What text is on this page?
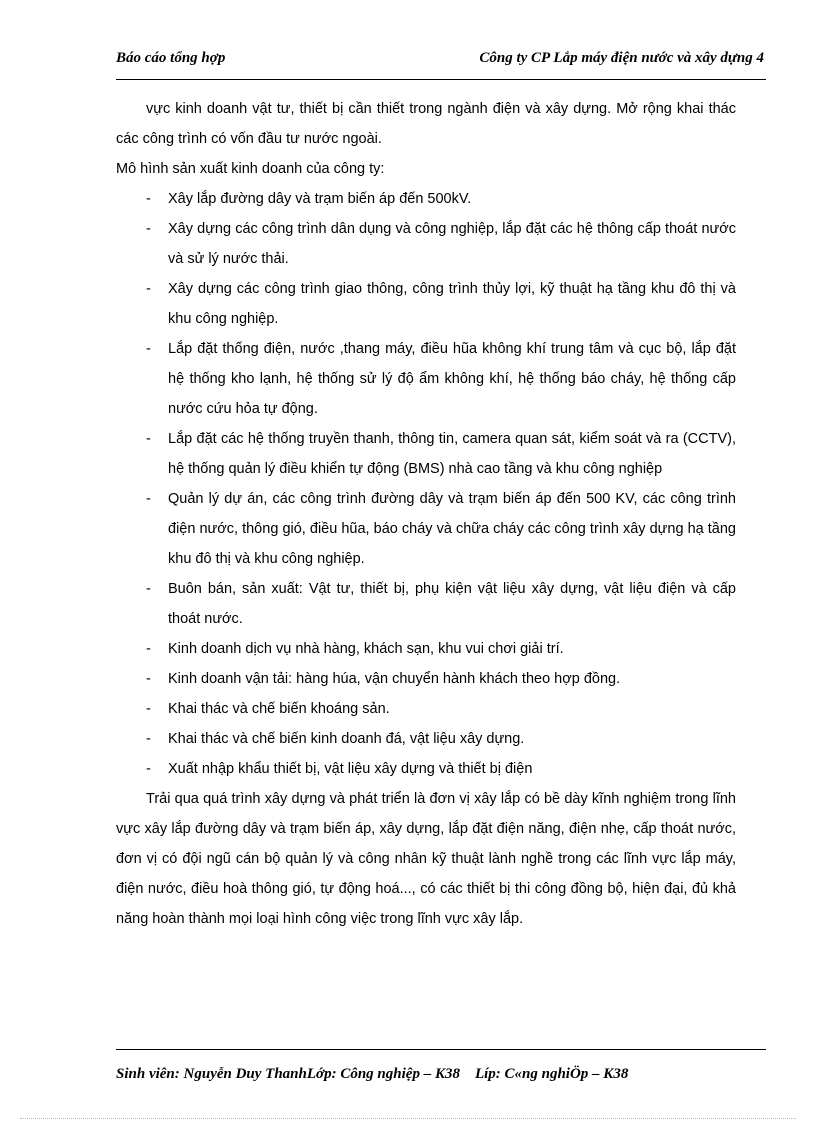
Báo cáo tổng hợp	Công ty CP Lắp máy điện nước và xây dựng 4

vực kinh doanh vật tư, thiết bị cần thiết trong ngành điện và xây dựng. Mở rộng khai thác các công trình có vốn đầu tư nước ngoài.

Mô hình sản xuất kinh doanh của công ty:

- Xây lắp đường dây và trạm biến áp đến 500kV.
- Xây dựng các công trình dân dụng và công nghiệp, lắp đặt các hệ thông cấp thoát nước và sử lý nước thải.
- Xây dựng các công trình giao thông, công trình thủy lợi, kỹ thuật hạ tầng khu đô thị và khu công nghiệp.
- Lắp đặt thống điện, nước ,thang máy, điều hũa không khí trung tâm và cục bộ, lắp đặt hệ thống kho lạnh, hệ thống sử lý độ ẩm không khí, hệ thống báo cháy, hệ thống cấp nước cứu hỏa tự động.
- Lắp đặt các hệ thống truyền thanh, thông tin, camera quan sát, kiểm soát và ra (CCTV), hệ thống quản lý điều khiển tự động (BMS) nhà cao tầng và khu công nghiệp
- Quản lý dự án, các công trình đường dây và trạm biến áp đến 500 KV, các công trình điện nước, thông gió, điều hũa, báo cháy và chữa cháy các công trình xây dựng hạ tầng khu đô thị và khu công nghiệp.
- Buôn bán, sản xuất: Vật tư, thiết bị, phụ kiện vật liệu xây dựng, vật liệu điện và cấp thoát nước.
- Kinh doanh dịch vụ nhà hàng, khách sạn, khu vui chơi giải trí.
- Kinh doanh vận tải: hàng húa, vận chuyển hành khách theo hợp đồng.
- Khai thác và chế biến khoáng sản.
- Khai thác và chế biến kinh doanh đá, vật liệu xây dựng.
- Xuất nhập khẩu thiết bị, vật liệu xây dựng và thiết bị điện

Trải qua quá trình xây dựng và phát triển là đơn vị xây lắp có bề dày kĩnh nghiệm trong lĩnh vực xây lắp đường dây và trạm biến áp, xây dựng, lắp đặt điện năng, điện nhẹ, cấp thoát nước, đơn vị có đội ngũ cán bộ quản lý và công nhân kỹ thuật lành nghề trong các lĩnh vực lắp máy, điện nước, điều hoà thông gió, tự động hoá..., có các thiết bị thi công đồng bộ, hiện đại, đủ khả năng hoàn thành mọi loại hình công việc trong lĩnh vực xây lắp.

Sinh viên: Nguyễn Duy ThanhLớp: Công nghiệp – K38 Líp: C«ng nghiÖp – K38
